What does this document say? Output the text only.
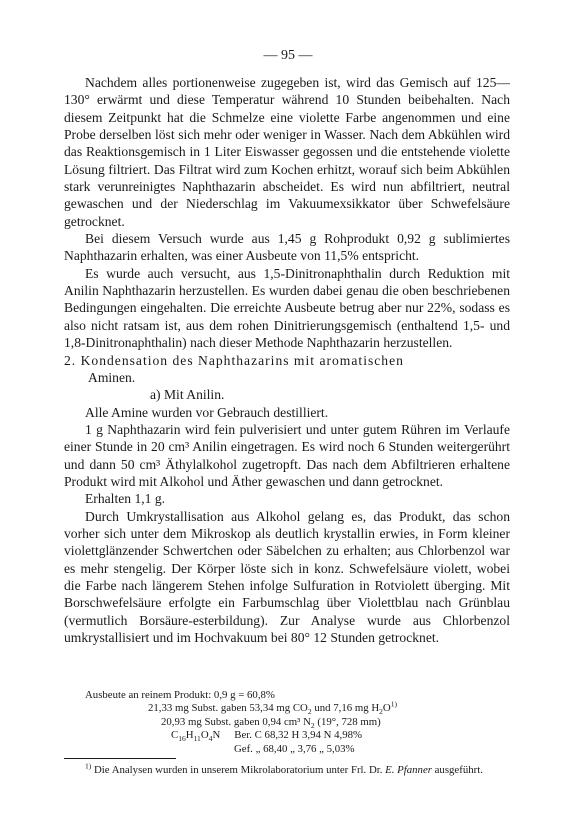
— 95 —

Nachdem alles portionenweise zugegeben ist, wird das Gemisch auf 125—130° erwärmt und diese Temperatur während 10 Stunden beibehalten. Nach diesem Zeitpunkt hat die Schmelze eine violette Farbe angenommen und eine Probe derselben löst sich mehr oder weniger in Wasser. Nach dem Abkühlen wird das Reaktionsgemisch in 1 Liter Eiswasser gegossen und die entstehende violette Lösung filtriert. Das Filtrat wird zum Kochen erhitzt, worauf sich beim Abkühlen stark verunreinigtes Naphthazarin abscheidet. Es wird nun abfiltriert, neutral gewaschen und der Niederschlag im Vakuumexsikkator über Schwefelsäure getrocknet.

Bei diesem Versuch wurde aus 1,45 g Rohprodukt 0,92 g sublimiertes Naphthazarin erhalten, was einer Ausbeute von 11,5% entspricht.

Es wurde auch versucht, aus 1,5-Dinitronaphthalin durch Reduktion mit Anilin Naphthazarin herzustellen. Es wurden dabei genau die oben beschriebenen Bedingungen eingehalten. Die erreichte Ausbeute betrug aber nur 22%, sodass es also nicht ratsam ist, aus dem rohen Dinitrierungsgemisch (enthaltend 1,5- und 1,8-Dinitronaphthalin) nach dieser Methode Naphthazarin herzustellen.

2. Kondensation des Naphthazarins mit aromatischen

Aminen.

a) Mit Anilin.

Alle Amine wurden vor Gebrauch destilliert.

1 g Naphthazarin wird fein pulverisiert und unter gutem Rühren im Verlaufe einer Stunde in 20 cm³ Anilin eingetragen. Es wird noch 6 Stunden weitergerührt und dann 50 cm³ Äthylalkohol zugetropft. Das nach dem Abfiltrieren erhaltene Produkt wird mit Alkohol und Äther gewaschen und dann getrocknet.

Erhalten 1,1 g.

Durch Umkrystallisation aus Alkohol gelang es, das Produkt, das schon vorher sich unter dem Mikroskop als deutlich krystallin erwies, in Form kleiner violettglänzender Schwertchen oder Säbelchen zu erhalten; aus Chlorbenzol war es mehr stengelig. Der Körper löste sich in konz. Schwefelsäure violett, wobei die Farbe nach längerem Stehen infolge Sulfuration in Rotviolett überging. Mit Borschwefelsäure erfolgte ein Farbumschlag über Violettblau nach Grünblau (vermutlich Borsäure-esterbildung). Zur Analyse wurde aus Chlorbenzol umkrystallisiert und im Hochvakuum bei 80° 12 Stunden getrocknet.

Ausbeute an reinem Produkt: 0,9 g = 60,8%
21,33 mg Subst. gaben 53,34 mg $CO_2$ und 7,16 mg $H_2O^{1)}$
20,93 mg Subst. gaben 0,94 cm³ $N_2$ (19°, 728 mm)
$C_{16}H_{11}O_4N$ Ber. C 68,32 H 3,94 N 4,98%
Gef. „ 68,40 „ 3,76 „ 5,03%
$^{1)}$ Die Analysen wurden in unserem Mikrolaboratorium unter Frl. Dr. E. Pfanner ausgeführt.
